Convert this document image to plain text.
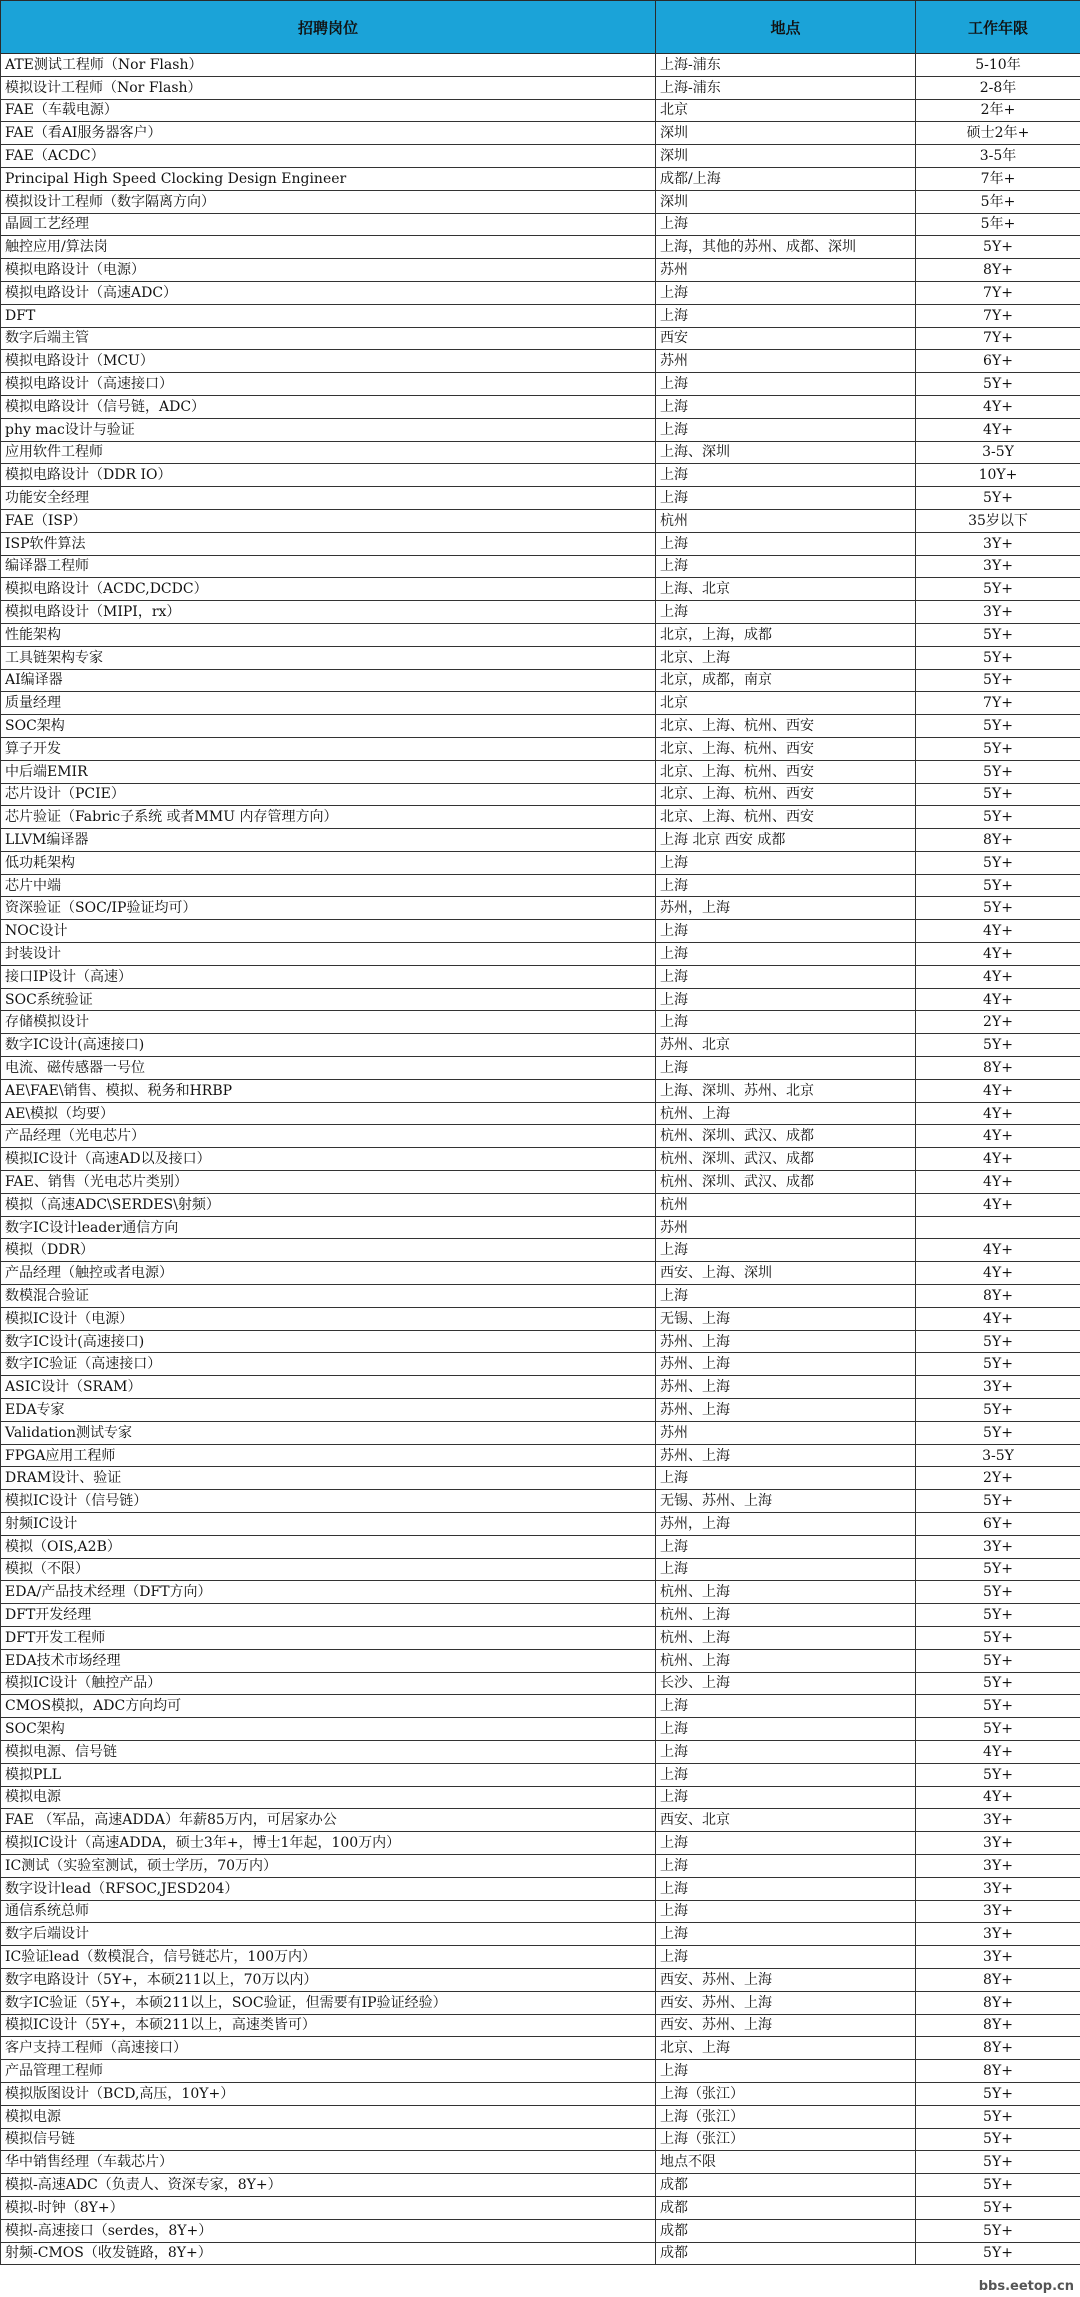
招聘岗位	地点	工作年限
ATE测试工程师（Nor Flash）	上海-浦东	5-10年
模拟设计工程师（Nor Flash）	上海-浦东	2-8年
FAE（车载电源）	北京	2年+
FAE（看AI服务器客户）	深圳	硕士2年+
FAE（ACDC）	深圳	3-5年
Principal High Speed Clocking Design Engineer	成都/上海	7年+
模拟设计工程师（数字隔离方向）	深圳	5年+
晶圆工艺经理	上海	5年+
触控应用/算法岗	上海，其他的苏州、成都、深圳	5Y+
模拟电路设计（电源）	苏州	8Y+
模拟电路设计（高速ADC）	上海	7Y+
DFT	上海	7Y+
数字后端主管	西安	7Y+
模拟电路设计（MCU）	苏州	6Y+
模拟电路设计（高速接口）	上海	5Y+
模拟电路设计（信号链，ADC）	上海	4Y+
phy mac设计与验证	上海	4Y+
应用软件工程师	上海、深圳	3-5Y
模拟电路设计（DDR IO）	上海	10Y+
功能安全经理	上海	5Y+
FAE（ISP）	杭州	35岁以下
ISP软件算法	上海	3Y+
编译器工程师	上海	3Y+
模拟电路设计（ACDC,DCDC）	上海、北京	5Y+
模拟电路设计（MIPI，rx）	上海	3Y+
性能架构	北京，上海，成都	5Y+
工具链架构专家	北京、上海	5Y+
AI编译器	北京，成都，南京	5Y+
质量经理	北京	7Y+
SOC架构	北京、上海、杭州、西安	5Y+
算子开发	北京、上海、杭州、西安	5Y+
中后端EMIR	北京、上海、杭州、西安	5Y+
芯片设计（PCIE）	北京、上海、杭州、西安	5Y+
芯片验证（Fabric子系统 或者MMU 内存管理方向）	北京、上海、杭州、西安	5Y+
LLVM编译器	上海 北京 西安 成都	8Y+
低功耗架构	上海	5Y+
芯片中端	上海	5Y+
资深验证（SOC/IP验证均可）	苏州，上海	5Y+
NOC设计	上海	4Y+
封装设计	上海	4Y+
接口IP设计（高速）	上海	4Y+
SOC系统验证	上海	4Y+
存储模拟设计	上海	2Y+
数字IC设计(高速接口)	苏州、北京	5Y+
电流、磁传感器一号位	上海	8Y+
AE\FAE\销售、模拟、税务和HRBP	上海、深圳、苏州、北京	4Y+
AE\模拟（均要）	杭州、上海	4Y+
产品经理（光电芯片）	杭州、深圳、武汉、成都	4Y+
模拟IC设计（高速AD以及接口）	杭州、深圳、武汉、成都	4Y+
FAE、销售（光电芯片类别）	杭州、深圳、武汉、成都	4Y+
模拟（高速ADC\SERDES\射频）	杭州	4Y+
数字IC设计leader通信方向	苏州	
模拟（DDR）	上海	4Y+
产品经理（触控或者电源）	西安、上海、深圳	4Y+
数模混合验证	上海	8Y+
模拟IC设计（电源）	无锡、上海	4Y+
数字IC设计(高速接口)	苏州、上海	5Y+
数字IC验证（高速接口）	苏州、上海	5Y+
ASIC设计（SRAM）	苏州、上海	3Y+
EDA专家	苏州、上海	5Y+
Validation测试专家	苏州	5Y+
FPGA应用工程师	苏州、上海	3-5Y
DRAM设计、验证	上海	2Y+
模拟IC设计（信号链）	无锡、苏州、上海	5Y+
射频IC设计	苏州，上海	6Y+
模拟（OIS,A2B）	上海	3Y+
模拟（不限）	上海	5Y+
EDA/产品技术经理（DFT方向）	杭州、上海	5Y+
DFT开发经理	杭州、上海	5Y+
DFT开发工程师	杭州、上海	5Y+
EDA技术市场经理	杭州、上海	5Y+
模拟IC设计（触控产品）	长沙、上海	5Y+
CMOS模拟，ADC方向均可	上海	5Y+
SOC架构	上海	5Y+
模拟电源、信号链	上海	4Y+
模拟PLL	上海	5Y+
模拟电源	上海	4Y+
FAE （军品，高速ADDA）年薪85万内，可居家办公	西安、北京	3Y+
模拟IC设计（高速ADDA，硕士3年+，博士1年起，100万内）	上海	3Y+
IC测试（实验室测试，硕士学历，70万内）	上海	3Y+
数字设计lead（RFSOC,JESD204）	上海	3Y+
通信系统总师	上海	3Y+
数字后端设计	上海	3Y+
IC验证lead（数模混合，信号链芯片，100万内）	上海	3Y+
数字电路设计（5Y+，本硕211以上，70万以内）	西安、苏州、上海	8Y+
数字IC验证（5Y+，本硕211以上，SOC验证，但需要有IP验证经验）	西安、苏州、上海	8Y+
模拟IC设计（5Y+，本硕211以上，高速类皆可）	西安、苏州、上海	8Y+
客户支持工程师（高速接口）	北京、上海	8Y+
产品管理工程师	上海	8Y+
模拟版图设计（BCD,高压，10Y+）	上海（张江）	5Y+
模拟电源	上海（张江）	5Y+
模拟信号链	上海（张江）	5Y+
华中销售经理（车载芯片）	地点不限	5Y+
模拟-高速ADC（负责人、资深专家，8Y+）	成都	5Y+
模拟-时钟（8Y+）	成都	5Y+
模拟-高速接口（serdes，8Y+）	成都	5Y+
射频-CMOS（收发链路，8Y+）	成都	5Y+
bbs.eetop.cn
